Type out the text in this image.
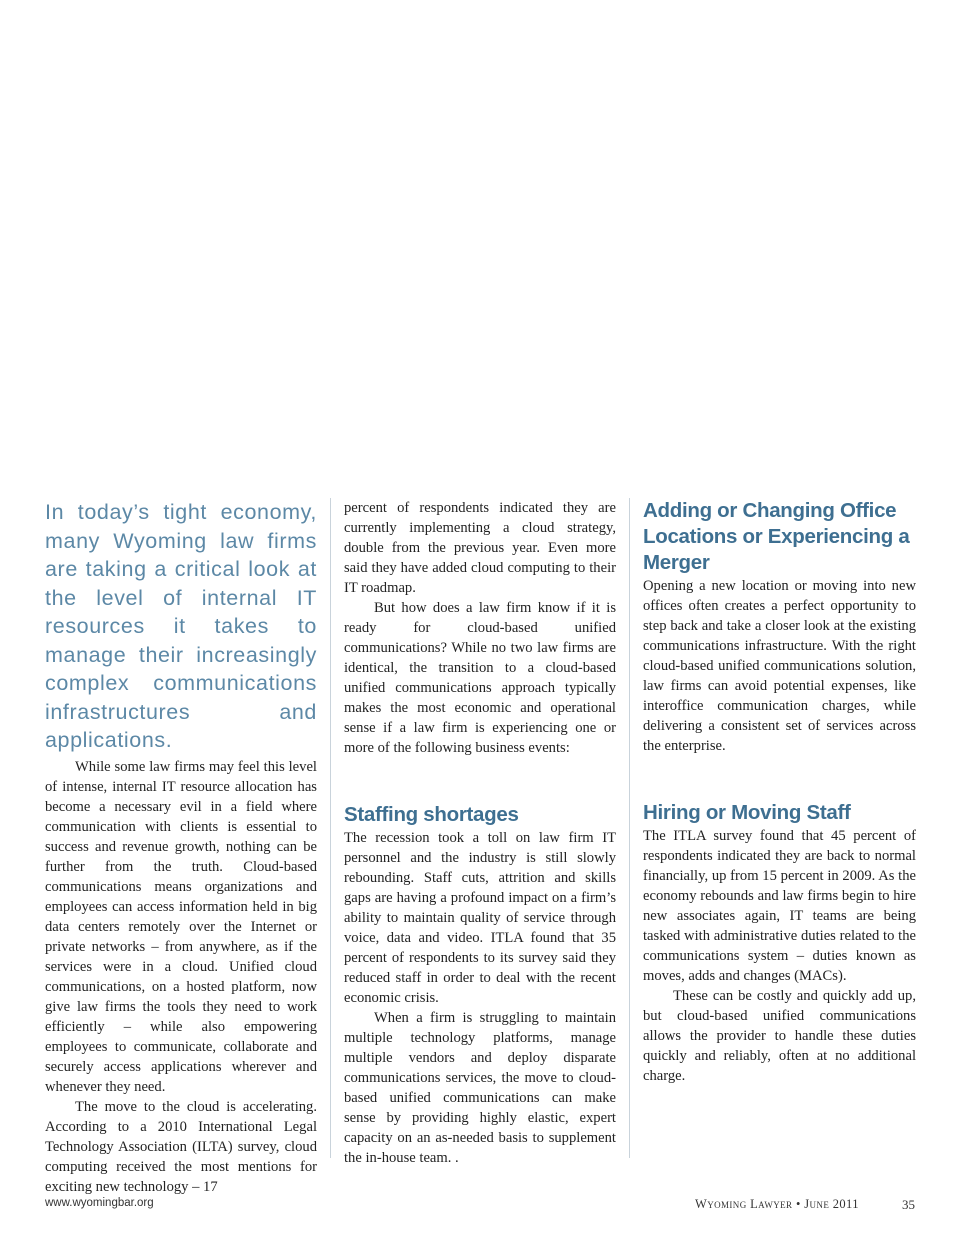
In today’s tight economy, many Wyoming law firms are taking a critical look at the level of internal IT resources it takes to manage their increasingly complex communications infrastructures and applications.

While some law firms may feel this level of intense, internal IT resource allocation has become a necessary evil in a field where communication with clients is essential to success and revenue growth, nothing can be further from the truth. Cloud-based communications means organizations and employees can access information held in big data centers remotely over the Internet or private networks – from anywhere, as if the services were in a cloud. Unified cloud communications, on a hosted platform, now give law firms the tools they need to work efficiently – while also empowering employees to communicate, collaborate and securely access applications wherever and whenever they need.

The move to the cloud is accelerating. According to a 2010 International Legal Technology Association (ILTA) survey, cloud computing received the most mentions for exciting new technology – 17

percent of respondents indicated they are currently implementing a cloud strategy, double from the previous year. Even more said they have added cloud computing to their IT roadmap.

But how does a law firm know if it is ready for cloud-based unified communications? While no two law firms are identical, the transition to a cloud-based unified communications approach typically makes the most economic and operational sense if a law firm is experiencing one or more of the following business events:

Staffing shortages

The recession took a toll on law firm IT personnel and the industry is still slowly rebounding. Staff cuts, attrition and skills gaps are having a profound impact on a firm’s ability to maintain quality of service through voice, data and video. ITLA found that 35 percent of respondents to its survey said they reduced staff in order to deal with the recent economic crisis.

When a firm is struggling to maintain multiple technology platforms, manage multiple vendors and deploy disparate communications services, the move to cloud-based unified communications can make sense by providing highly elastic, expert capacity on an as-needed basis to supplement the in-house team. .

Adding or Changing Office Locations or Experiencing a Merger

Opening a new location or moving into new offices often creates a perfect opportunity to step back and take a closer look at the existing communications infrastructure. With the right cloud-based unified communications solution, law firms can avoid potential expenses, like interoffice communication charges, while delivering a consistent set of services across the enterprise.

Hiring or Moving Staff

The ITLA survey found that 45 percent of respondents indicated they are back to normal financially, up from 15 percent in 2009. As the economy rebounds and law firms begin to hire new associates again, IT teams are being tasked with administrative duties related to the communications system – duties known as moves, adds and changes (MACs).

These can be costly and quickly add up, but cloud-based unified communications allows the provider to handle these duties quickly and reliably, often at no additional charge.

www.wyomingbar.org	Wyoming Lawyer • June 2011	35
